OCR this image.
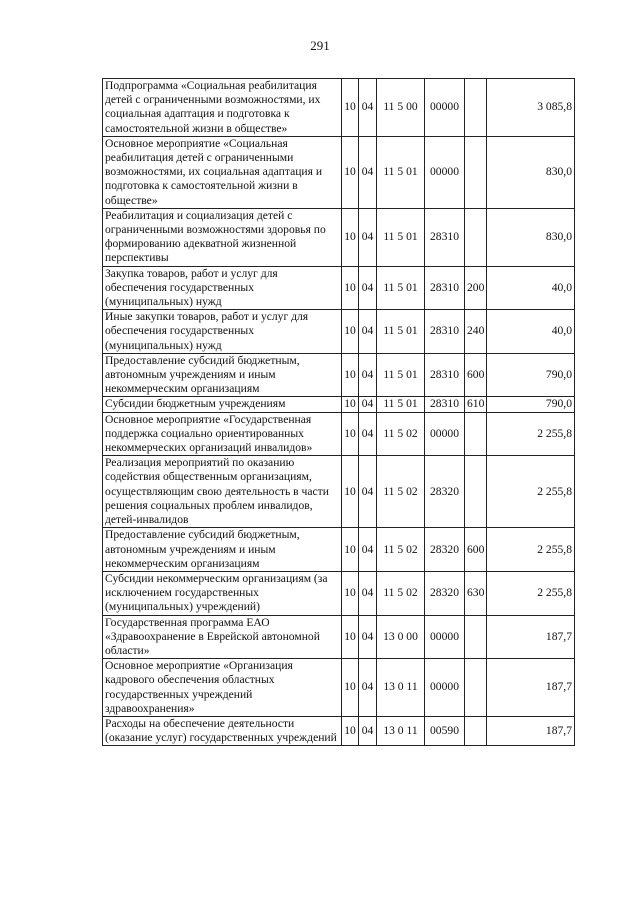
291
Подпрограмма «Социальная реабилитация детей с ограниченными возможностями, их социальная адаптация и подготовка к самостоятельной жизни в обществе»	10	04	11 5 00	00000		3 085,8
Основное мероприятие «Социальная реабилитация детей с ограниченными возможностями, их социальная адаптация и подготовка к самостоятельной жизни в обществе»	10	04	11 5 01	00000		830,0
Реабилитация и социализация детей с ограниченными возможностями здоровья по формированию адекватной жизненной перспективы	10	04	11 5 01	28310		830,0
Закупка товаров, работ и услуг для обеспечения государственных (муниципальных) нужд	10	04	11 5 01	28310	200	40,0
Иные закупки товаров, работ и услуг для обеспечения государственных (муниципальных) нужд	10	04	11 5 01	28310	240	40,0
Предоставление субсидий бюджетным, автономным учреждениям и иным некоммерческим организациям	10	04	11 5 01	28310	600	790,0
Субсидии бюджетным учреждениям	10	04	11 5 01	28310	610	790,0
Основное мероприятие «Государственная поддержка социально ориентированных некоммерческих организаций инвалидов»	10	04	11 5 02	00000		2 255,8
Реализация мероприятий по оказанию содействия общественным организациям, осуществляющим свою деятельность в части решения социальных проблем инвалидов, детей-инвалидов	10	04	11 5 02	28320		2 255,8
Предоставление субсидий бюджетным, автономным учреждениям и иным некоммерческим организациям	10	04	11 5 02	28320	600	2 255,8
Субсидии некоммерческим организациям (за исключением государственных (муниципальных) учреждений)	10	04	11 5 02	28320	630	2 255,8
Государственная программа ЕАО «Здравоохранение в Еврейской автономной области»	10	04	13 0 00	00000		187,7
Основное мероприятие «Организация кадрового обеспечения областных государственных учреждений здравоохранения»	10	04	13 0 11	00000		187,7
Расходы на обеспечение деятельности (оказание услуг) государственных учреждений	10	04	13 0 11	00590		187,7
